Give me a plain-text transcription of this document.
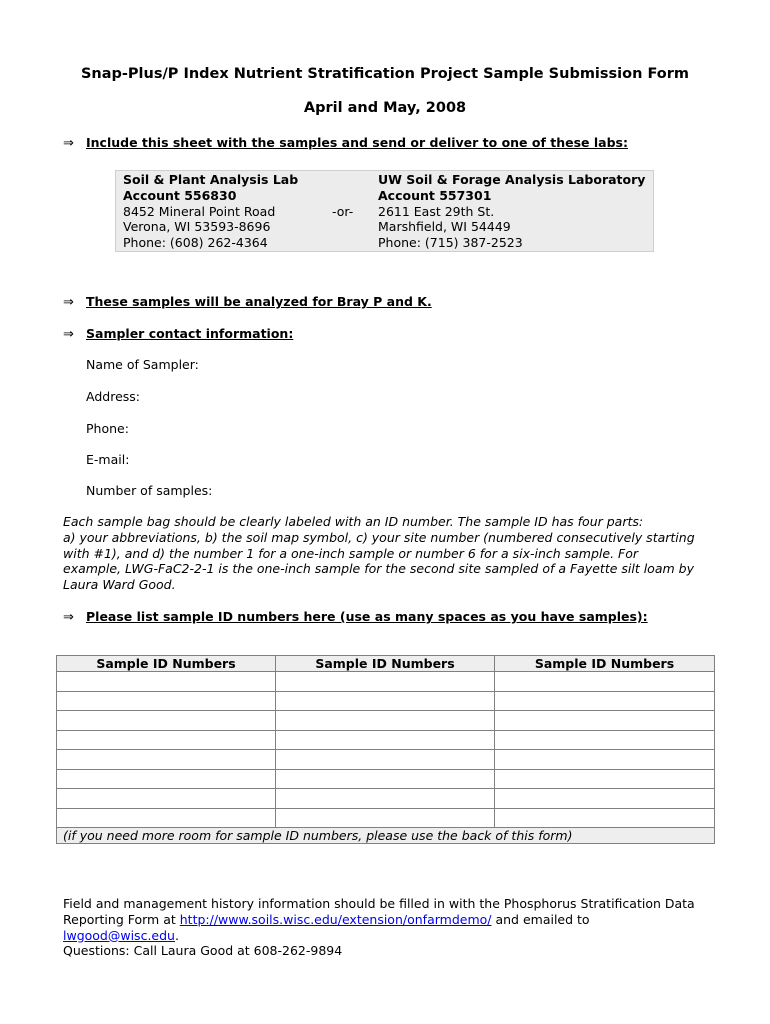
Snap-Plus/P Index Nutrient Stratification Project Sample Submission Form
April and May, 2008
⇒ Include this sheet with the samples and send or deliver to one of these labs:
Soil & Plant Analysis Lab
Account 556830
8452 Mineral Point Road
Verona, WI 53593-8696
Phone: (608) 262-4364
-or-
UW Soil & Forage Analysis Laboratory
Account 557301
2611 East 29th St.
Marshfield, WI 54449
Phone: (715) 387-2523
⇒ These samples will be analyzed for Bray P and K.
⇒ Sampler contact information:
Name of Sampler:
Address:
Phone:
E-mail:
Number of samples:
Each sample bag should be clearly labeled with an ID number. The sample ID has four parts:
a) your abbreviations, b) the soil map symbol, c) your site number (numbered consecutively starting
with #1), and d) the number 1 for a one-inch sample or number 6 for a six-inch sample. For
example, LWG-FaC2-2-1 is the one-inch sample for the second site sampled of a Fayette silt loam by
Laura Ward Good.
⇒ Please list sample ID numbers here (use as many spaces as you have samples):
Sample ID Numbers	Sample ID Numbers	Sample ID Numbers

(if you need more room for sample ID numbers, please use the back of this form)		
Field and management history information should be filled in with the Phosphorus Stratification Data
Reporting Form at http://www.soils.wisc.edu/extension/onfarmdemo/ and emailed to
lwgood@wisc.edu.
Questions: Call Laura Good at 608-262-9894
